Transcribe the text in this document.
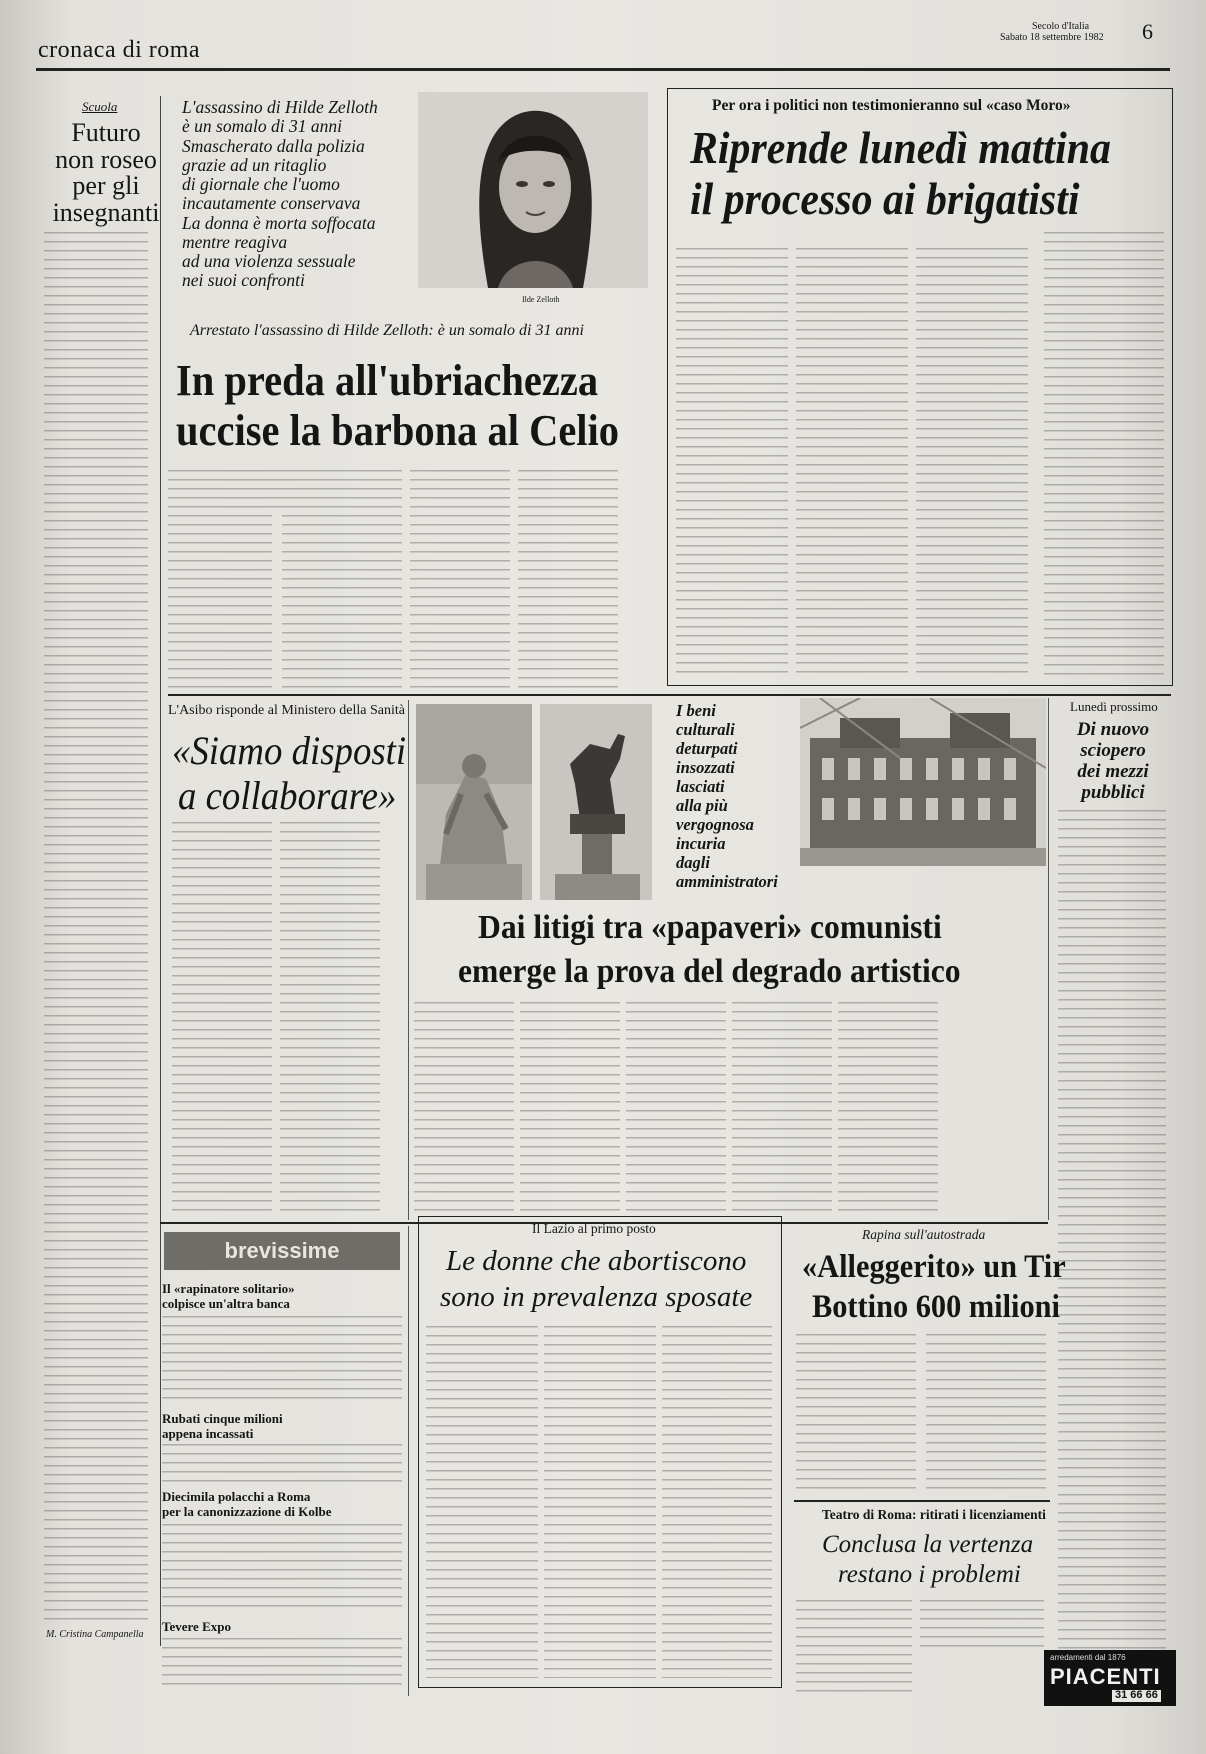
cronaca di roma
Secolo d'Italia
Sabato 18 settembre 1982 6
Scuola
Futuro non roseo per gli insegnanti
M. Cristina Campanella
L'assassino di Hilde Zelloth
è un somalo di 31 anni
Smascherato dalla polizia
grazie ad un ritaglio
di giornale che l'uomo
incautamente conservava
La donna è morta soffocata
mentre reagiva
ad una violenza sessuale
nei suoi confronti
Ilde Zelloth
Arrestato l'assassino di Hilde Zelloth: è un somalo di 31 anni
In preda all'ubriachezza
uccise la barbona al Celio
Per ora i politici non testimonieranno sul «caso Moro»
Riprende lunedì mattina
il processo ai brigatisti
L'Asibo risponde al Ministero della Sanità
«Siamo disposti
a collaborare»
I beni
culturali
deturpati
insozzati
lasciati
alla più
vergognosa
incuria
dagli
amministratori
Dai litigi tra «papaveri» comunisti
emerge la prova del degrado artistico
Lunedì prossimo
Di nuovo
sciopero
dei mezzi
pubblici
brevissime
Il «rapinatore solitario»
colpisce un'altra banca
Rubati cinque milioni
appena incassati
Diecimila polacchi a Roma
per la canonizzazione di Kolbe
Tevere Expo
Il Lazio al primo posto
Le donne che abortiscono
sono in prevalenza sposate
Rapina sull'autostrada
«Alleggerito» un Tir
Bottino 600 milioni
Teatro di Roma: ritirati i licenziamenti
Conclusa la vertenza
restano i problemi
arredamenti dal 1876
PIACENTI
31 66 66
